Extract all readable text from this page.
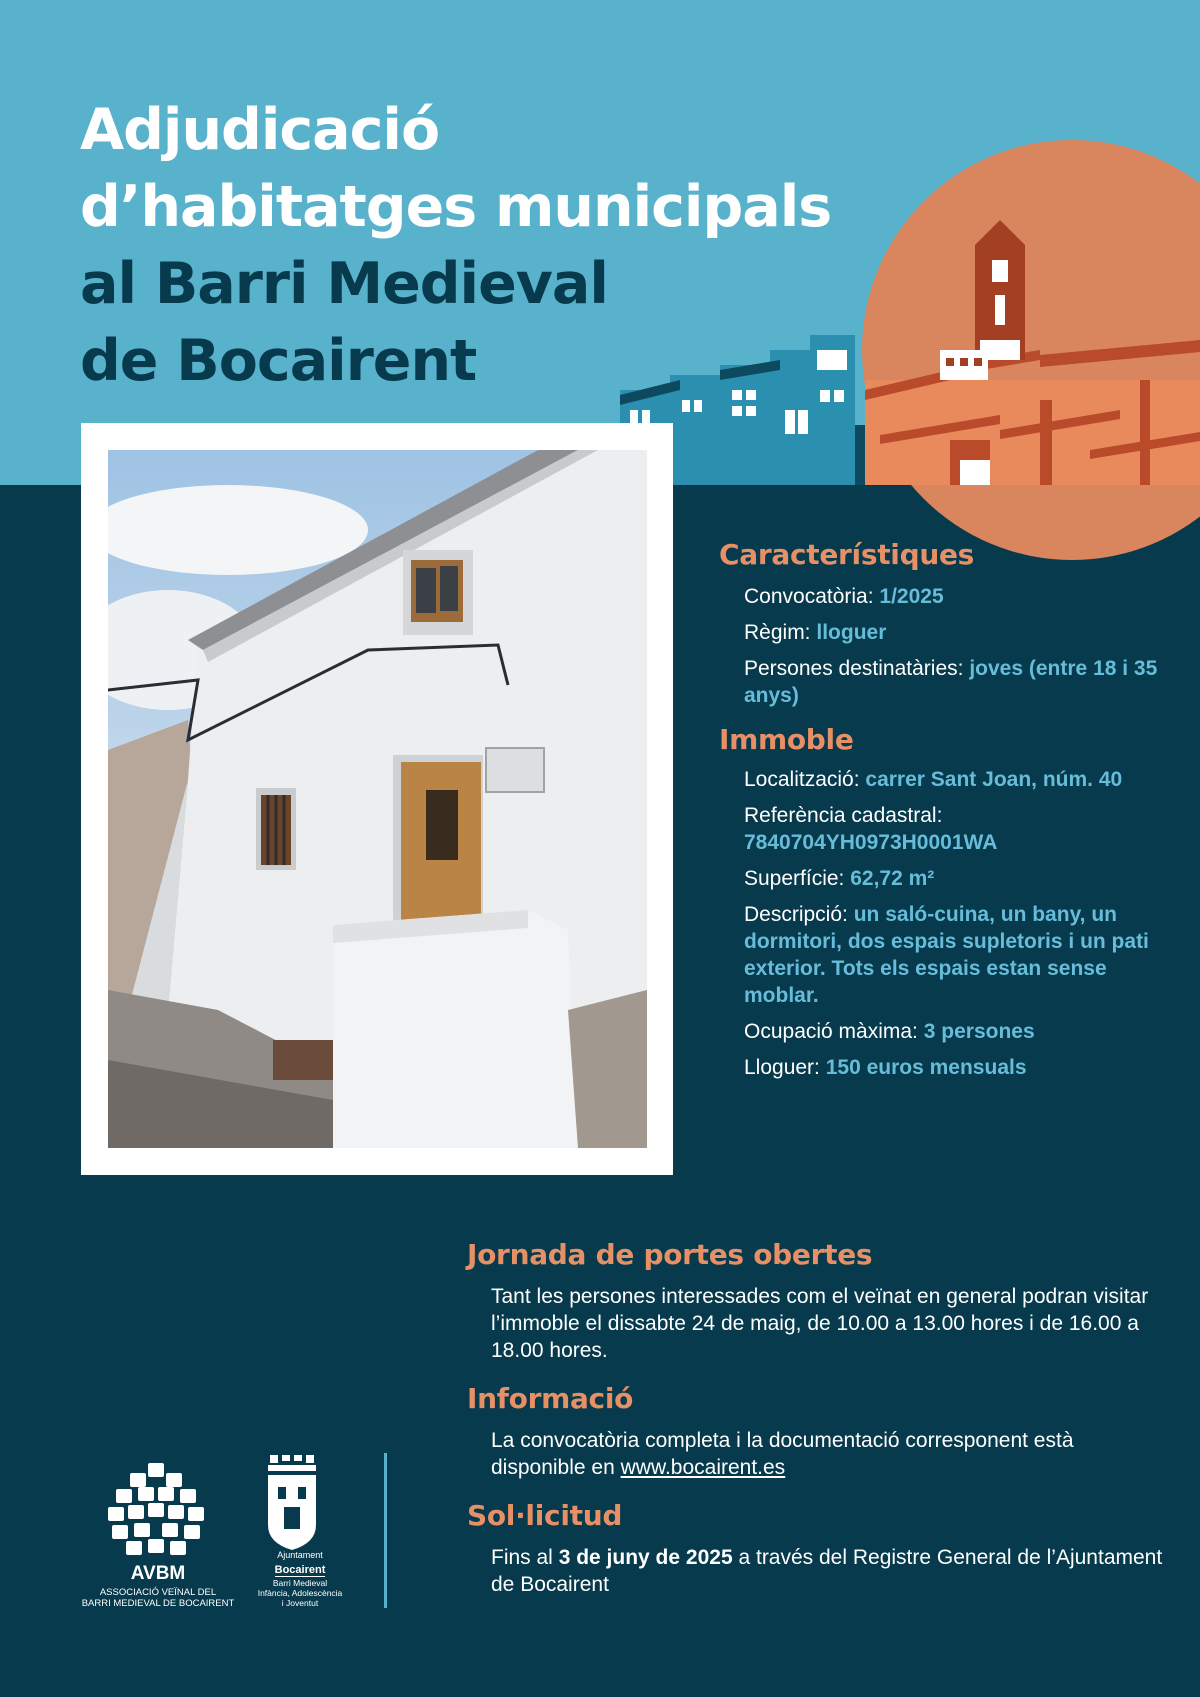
Adjudicació
d’habitatges municipals
al Barri Medieval
de Bocairent
Característiques

Convocatòria: 1/2025

Règim: lloguer

Persones destinatàries: joves (entre 18 i 35 anys)

Immoble

Localització: carrer Sant Joan, núm. 40

Referència cadastral:
7840704YH0973H0001WA

Superfície: 62,72 m²

Descripció: un saló-cuina, un bany, un dormitori, dos espais supletoris i un pati exterior. Tots els espais estan sense moblar.

Ocupació màxima: 3 persones

Lloguer: 150 euros mensuals

Jornada de portes obertes

Tant les persones interessades com el veïnat en general podran visitar l’immoble el dissabte 24 de maig, de 10.00 a 13.00 hores i de 16.00 a 18.00 hores.

Informació

La convocatòria completa i la documentació corresponent està disponible en www.bocairent.es

Sol·licitud

Fins al 3 de juny de 2025 a través del Registre General de l’Ajuntament de Bocairent

AVBM
ASSOCIACIÓ VEÏNAL DEL
BARRI MEDIEVAL DE BOCAIRENT
Ajuntament
Bocairent
Barri Medieval
Infància, Adolescència
i Joventut
